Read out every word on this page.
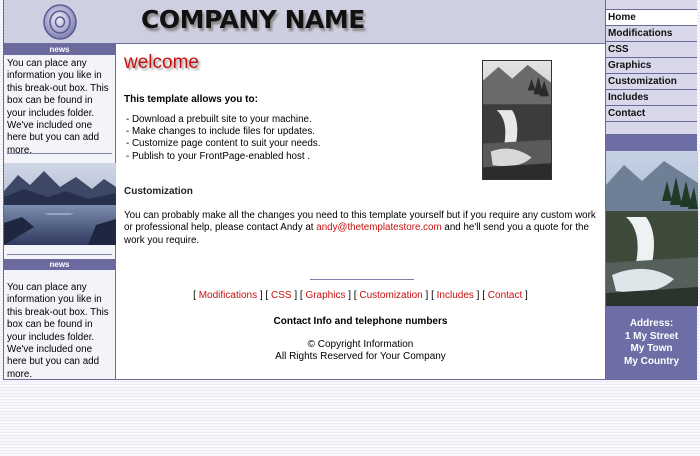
COMPANY NAME
news
You can place any information you like in this break-out box. This box can be found in your includes folder. We've included one here but you can add more.
news
You can place any information you like in this break-out box. This box can be found in your includes folder. We've included one here but you can add more.
welcome
This template allows you to:
- Download a prebuilt site to your machine.
- Make changes to include files for updates.
- Customize page content to suit your needs.
- Publish to your FrontPage-enabled host .
Customization
You can probably make all the changes you need to this template yourself but if you require any custom work or professional help, please contact Andy at andy@thetemplatestore.com and he'll send you a quote for the work you require.
[ Modifications ] [ CSS ] [ Graphics ] [ Customization ] [ Includes ] [ Contact ]
Contact Info and telephone numbers
© Copyright Information
All Rights Reserved for Your Company
Home
Modifications
CSS
Graphics
Customization
Includes
Contact
Address:
1 My Street
My Town
My Country
